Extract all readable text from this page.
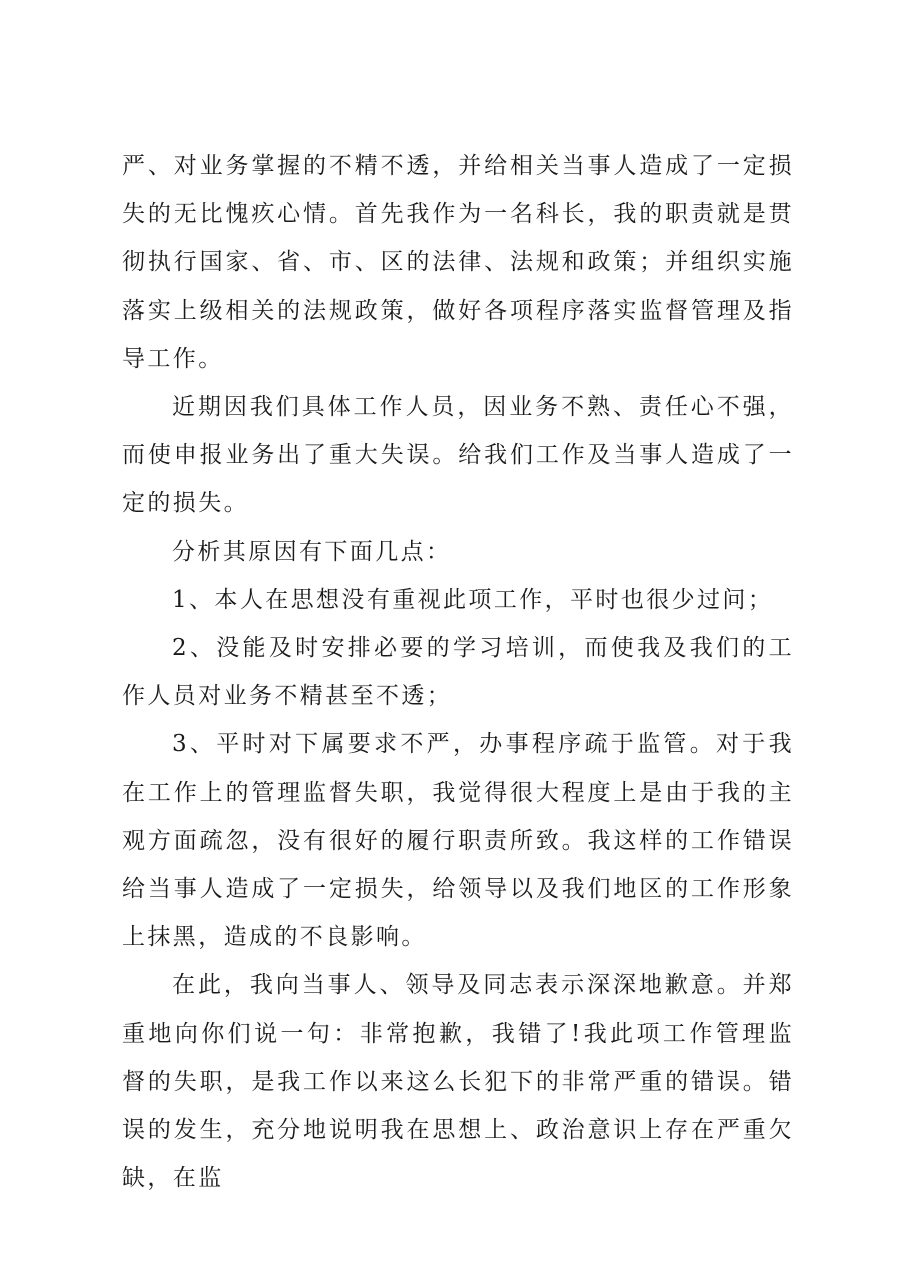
严、对业务掌握的不精不透，并给相关当事人造成了一定损失的无比愧疚心情。首先我作为一名科长，我的职责就是贯彻执行国家、省、市、区的法律、法规和政策；并组织实施落实上级相关的法规政策，做好各项程序落实监督管理及指导工作。

近期因我们具体工作人员，因业务不熟、责任心不强，而使申报业务出了重大失误。给我们工作及当事人造成了一定的损失。

分析其原因有下面几点：

1、本人在思想没有重视此项工作，平时也很少过问；

2、没能及时安排必要的学习培训，而使我及我们的工作人员对业务不精甚至不透；

3、平时对下属要求不严，办事程序疏于监管。对于我在工作上的管理监督失职，我觉得很大程度上是由于我的主观方面疏忽，没有很好的履行职责所致。我这样的工作错误给当事人造成了一定损失，给领导以及我们地区的工作形象上抹黑，造成的不良影响。

在此，我向当事人、领导及同志表示深深地歉意。并郑重地向你们说一句：非常抱歉，我错了!我此项工作管理监督的失职，是我工作以来这么长犯下的非常严重的错误。错误的发生，充分地说明我在思想上、政治意识上存在严重欠缺，在监
